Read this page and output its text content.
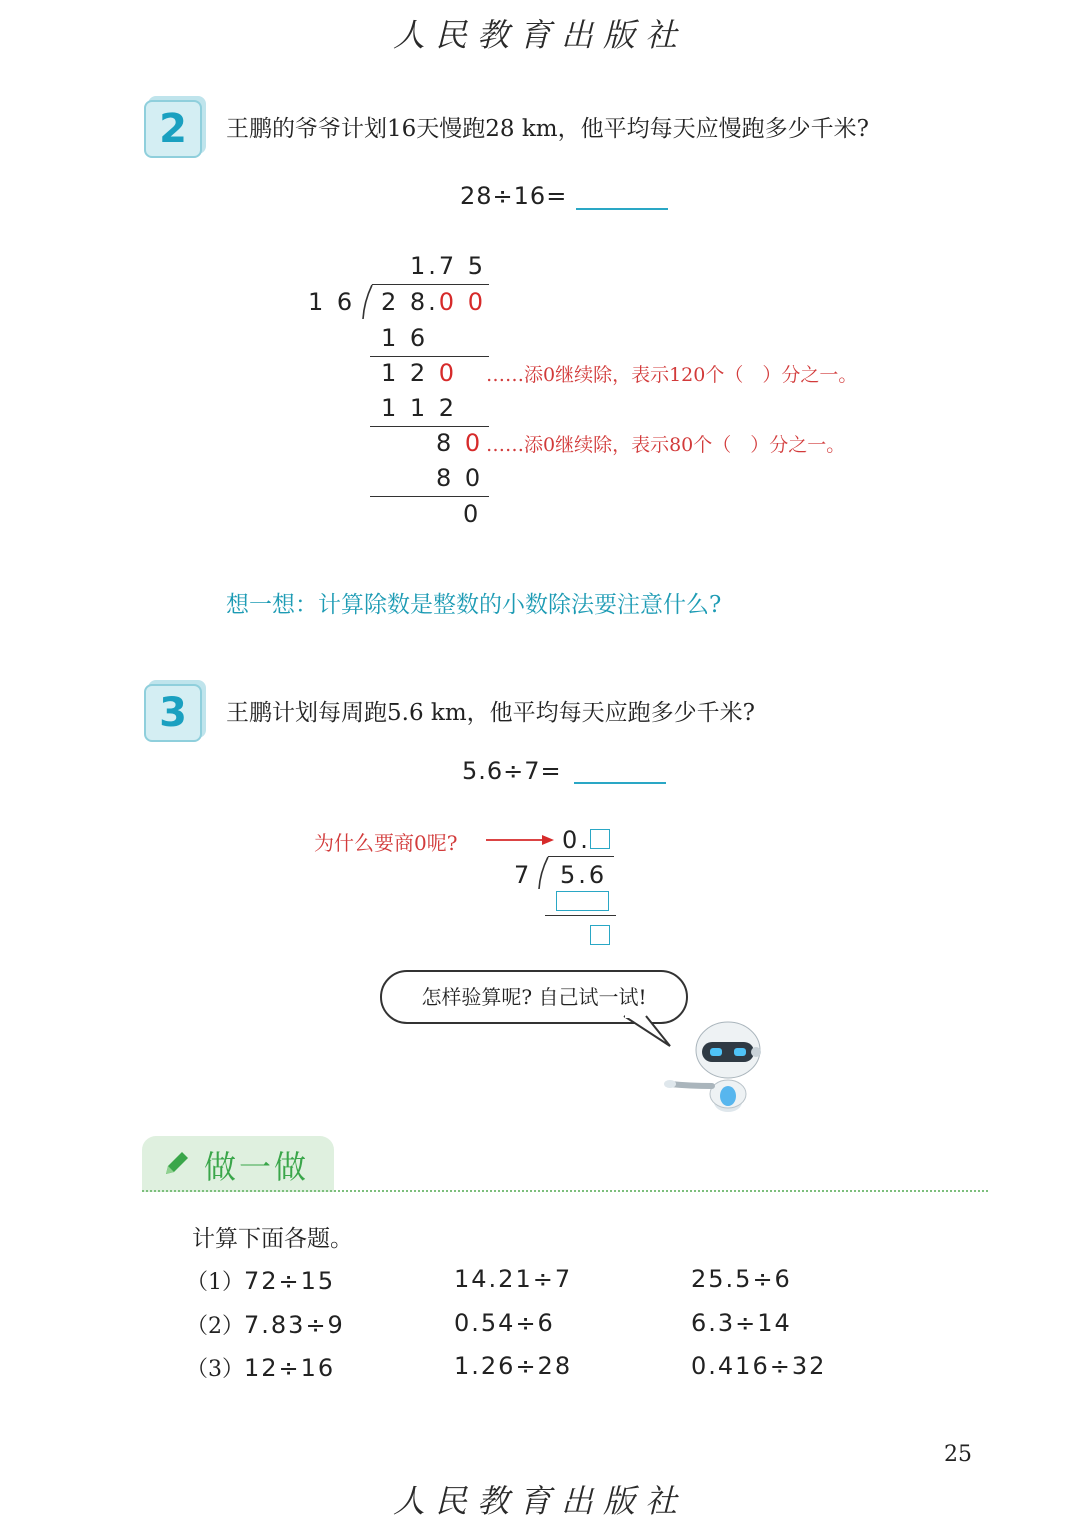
人民教育出版社
2	王鹏的爷爷计划16天慢跑28 km，他平均每天应慢跑多少千米?
28÷16=
1.7 5
1 6 2 8.0 0
1 6
1 2 0
1 1 2
8 0
8 0
0
……添0继续除，表示120个（　）分之一。
……添0继续除，表示80个（　）分之一。
想一想：计算除数是整数的小数除法要注意什么?
3	王鹏计划每周跑5.6 km，他平均每天应跑多少千米?
5.6÷7=
为什么要商0呢?	0.
7 5.6
怎样验算呢? 自己试一试!
做一做
计算下面各题。
（1）72÷15	14.21÷7	25.5÷6
（2）7.83÷9	0.54÷6	6.3÷14
（3）12÷16	1.26÷28	0.416÷32
25
人民教育出版社
